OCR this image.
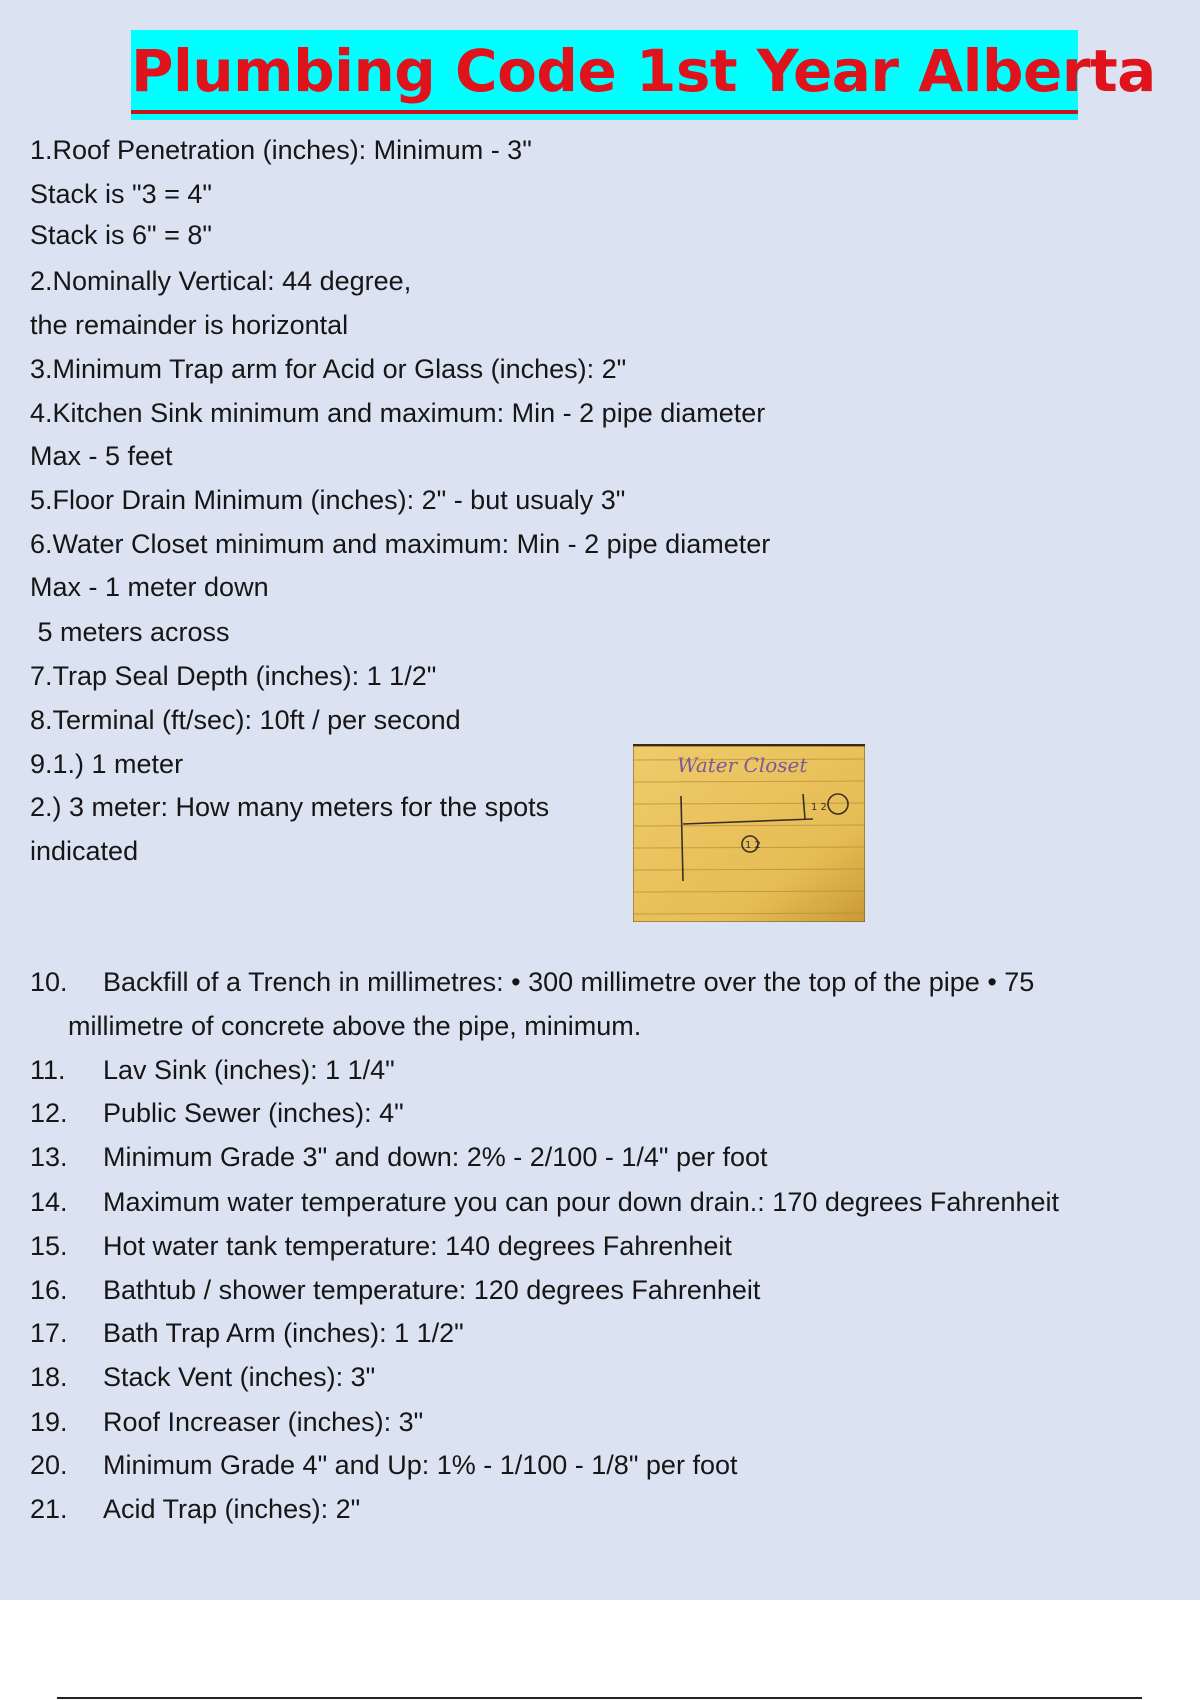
Plumbing Code 1st Year Alberta
1.Roof Penetration (inches): Minimum - 3"
Stack is "3 = 4"
Stack is 6" = 8"
2.Nominally Vertical: 44 degree,
the remainder is horizontal
3.Minimum Trap arm for Acid or Glass (inches): 2"
4.Kitchen Sink minimum and maximum: Min - 2 pipe diameter
Max - 5 feet
5.Floor Drain Minimum (inches): 2" - but usualy 3"
6.Water Closet minimum and maximum: Min - 2 pipe diameter
Max - 1 meter down
5 meters across
7.Trap Seal Depth (inches): 1 1/2"
8.Terminal (ft/sec): 10ft / per second
9.1.) 1 meter
2.) 3 meter: How many meters for the spots
indicated
Water Closet
1 2
1 2
10. Backfill of a Trench in millimetres: • 300 millimetre over the top of the pipe • 75
millimetre of concrete above the pipe, minimum.
11. Lav Sink (inches): 1 1/4"
12. Public Sewer (inches): 4"
13. Minimum Grade 3" and down: 2% - 2/100 - 1/4" per foot
14. Maximum water temperature you can pour down drain.: 170 degrees Fahrenheit
15. Hot water tank temperature: 140 degrees Fahrenheit
16. Bathtub / shower temperature: 120 degrees Fahrenheit
17. Bath Trap Arm (inches): 1 1/2"
18. Stack Vent (inches): 3"
19. Roof Increaser (inches): 3"
20. Minimum Grade 4" and Up: 1% - 1/100 - 1/8" per foot
21. Acid Trap (inches): 2"
